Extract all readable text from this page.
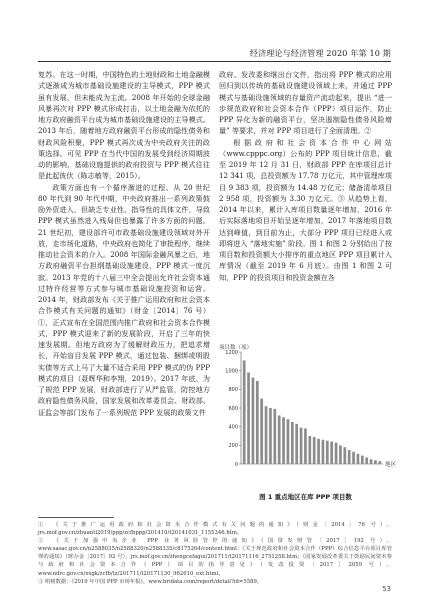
经济理论与经济管理 2020 年第 10 期

复苏。在这一时期，中国特色的土地财政和土地金融模式逐渐成为城市基础设施建设的主导模式，PPP 模式虽有发展，但未能成为主流。2008 年开始的全球金融风暴再次对 PPP 模式形成打击，以土地金融为依托的地方政府融资平台成为城市基础设施建设的主导模式。2013 年后，随着地方政府融资平台形成的隐性债务和财政风险积聚，PPP 模式再次成为中央政府关注的政策选择。可见 PPP 在当代中国的发展受到经济周期波动的影响，基础设施提供的政府投资与 PPP 模式往往是此起彼伏（陈志敏等，2015）。

政策方面也有一个循序渐进的过程。从 20 世纪 80 年代到 90 年代中期，中央政府推出一系列政策鼓励外资进入，但缺乏专业性、指导性的具体文件，导致 PPP 模式虽然进入残局但也暴露了许多方面的问题。21 世纪初，建设部许可市政基础设施建设领域对外开放，走市场化道路，中央政府也简化了审批程序，继续推动社会资本的介入。2008 年国际金融风暴之后，地方政府融资平台担纲基础设施建设，PPP 模式一度沉寂。2013 年党的十八届三中全会提出允许社会资本通过特许经营等方式参与城市基础设施投资和运营。2014 年，财政部发布《关于推广运用政府和社会资本合作模式有关问题的通知》（财金〔2014〕76 号）①，正式宣布在全国范围内推广政府和社会资本合作模式，PPP 模式迎来了新的发展阶段，开启了三年的快速发展期。但地方政府为了缓解财政压力，把追求增长，开始盲目发展 PPP 模式，通过包装、捆绑或明股实债等方式上马了大量不适合采用 PPP 模式的伪 PPP 模式的项目（聂辉华和李翔，2019）。2017 年底，为了规范 PPP 发展，财政部进行了从严监管，防控地方政府隐性债务风险，国家发展和改革委员会、财政部、证监会等部门发布了一系列规范 PPP 发展的政策文件

政府、发改委和继出台文件，指出将 PPP 模式的应用回归到以传统的基础设施建设领域上来，并通过 PPP 模式与基础设施领域的存量资产流动起来，提出 “进一步规范政府和社会资本合作（PPP）项目运作，防止 PPP 异化为新的融资平台，坚决遏制隐性债务风险增量” 等要求，并对 PPP 项目进行了全面清理。②

根据政府和社会资本合作中心网站（www.cpppc.org）公布的 PPP 项目统计信息，截至 2019 年 12 月 31 日，财政部 PPP 在库项目总计 12 341 项，总投资额为 17.78 万亿元，其中管理库项目 9 383 项，投资额为 14.48 万亿元；储备清单项目 2 958 项，投资额为 3.30 万亿元。③ 从趋势上看，2014 年以来，累计入库项目数量逐年增加，2016 年后实际落地项目开始呈逐年增加，2017 年落地项目数达到峰值，到目前为止，大部分 PPP 项目已经进入或即将进入 “落地实施” 阶段。图 1 和图 2 分别给出了按项目数和投资额大小排序的重点地区 PPP 项目累计入库情况（截至 2019 年 6 月底）。由图 1 和图 2 可知，PPP 的投资项目和投资金额在各

项目数（项）
0
200
400
600
800
1000
1200
地区
图 1 重点地区在库 PPP 项目数

① 《关于推广运用政府和社会资本合作模式有关问题的通知》（财金〔2014〕76 号），jrs.mof.gov.cn/zhuanti2019/ppp/zcfbppp/201410/t20141031_1155346.htm。

② 《关于加强中央企业 PPP 业务风险管控的通知》（国资发财管〔2017〕192 号），www.sasac.gov.cn/n2588035/n2588320/n2588335/c8175264/content.html；《关于规范政府和社会资本合作（PPP）综合信息平台项目库管理的通知》（财办金〔2017〕92 号），jrs.mof.gov.cn/zhengcefagui/201711/t20171116_2751258.htm；《国家发展改革委关于鼓励民间资本参与政府和社会资本合作（PPP）项目的指导意见》（发改投资〔2017〕2059 号），www.ndrc.gov.cn/xxgk/zcfb/tz/201711/t20171130_962610_ext.html。

③ 明树数据：《2019 年中国 PPP 市场年报》，www.bridata.com/report/detail?id=5589。

53
